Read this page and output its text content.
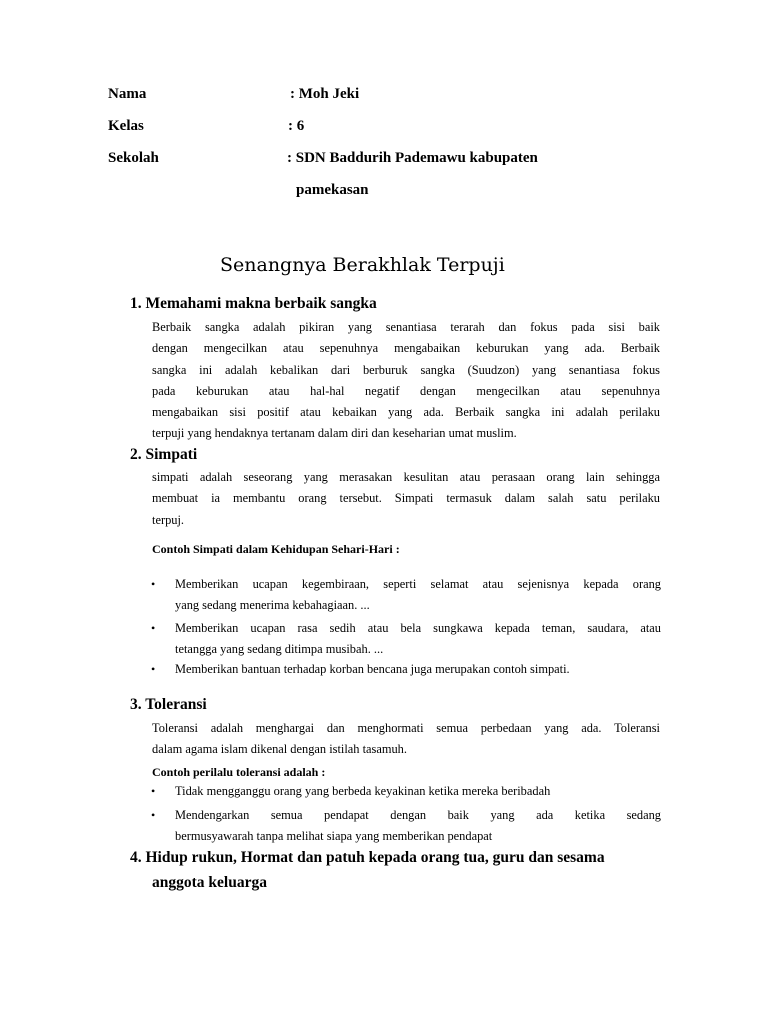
Nama	: Moh Jeki
Kelas	: 6
Sekolah	: SDN Baddurih Pademawu kabupaten
pamekasan
Senangnya Berakhlak Terpuji
1. Memahami makna berbaik sangka
Berbaik sangka adalah pikiran yang senantiasa terarah dan fokus pada sisi baik
dengan mengecilkan atau sepenuhnya mengabaikan keburukan yang ada. Berbaik
sangka ini adalah kebalikan dari berburuk sangka (Suudzon) yang senantiasa fokus
pada keburukan atau hal-hal negatif dengan mengecilkan atau sepenuhnya
mengabaikan sisi positif atau kebaikan yang ada. Berbaik sangka ini adalah perilaku
terpuji yang hendaknya tertanam dalam diri dan keseharian umat muslim.
2. Simpati
simpati adalah seseorang yang merasakan kesulitan atau perasaan orang lain sehingga
membuat ia membantu orang tersebut. Simpati termasuk dalam salah satu perilaku
terpuj.
Contoh Simpati dalam Kehidupan Sehari-Hari :
• Memberikan ucapan kegembiraan, seperti selamat atau sejenisnya kepada orang
yang sedang menerima kebahagiaan. ...
• Memberikan ucapan rasa sedih atau bela sungkawa kepada teman, saudara, atau
tetangga yang sedang ditimpa musibah. ...
• Memberikan bantuan terhadap korban bencana juga merupakan contoh simpati.
3. Toleransi
Toleransi adalah menghargai dan menghormati semua perbedaan yang ada. Toleransi
dalam agama islam dikenal dengan istilah tasamuh.
Contoh perilalu toleransi adalah :
• Tidak mengganggu orang yang berbeda keyakinan ketika mereka beribadah
• Mendengarkan semua pendapat dengan baik yang ada ketika sedang
bermusyawarah tanpa melihat siapa yang memberikan pendapat
4. Hidup rukun, Hormat dan patuh kepada orang tua, guru dan sesama
anggota keluarga
